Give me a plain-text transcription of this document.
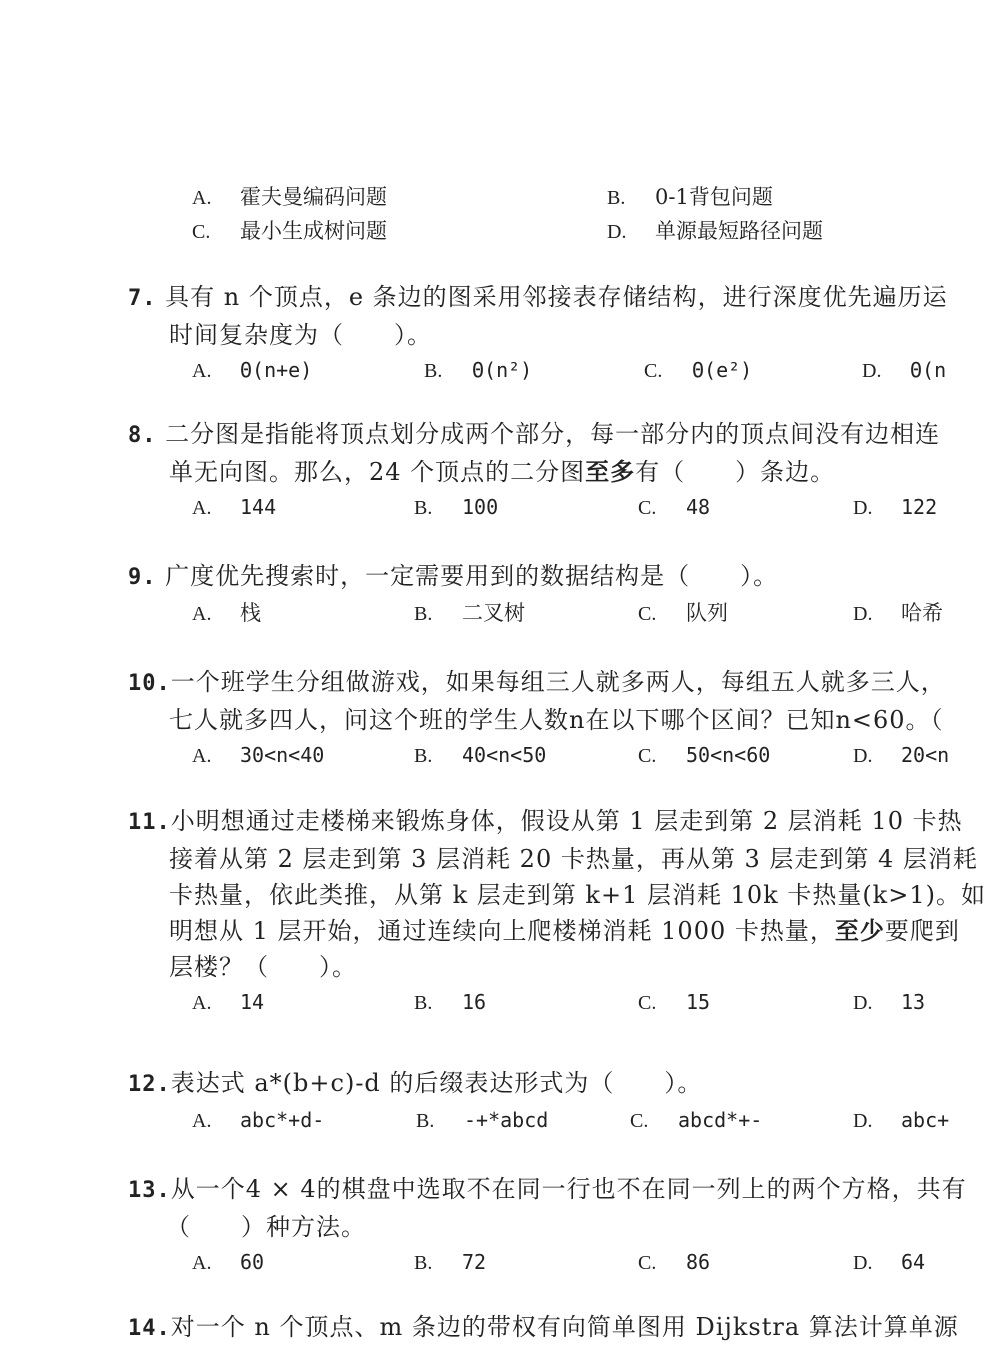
A. 霍夫曼编码问题	B. 0-1背包问题
C. 最小生成树问题	D. 单源最短路径问题
7. 具有 n 个顶点，e 条边的图采用邻接表存储结构，进行深度优先遍历运
时间复杂度为（　　）。
A. Θ(n+e)	B. Θ(n²)	C. Θ(e²)	D. Θ(n
8. 二分图是指能将顶点划分成两个部分，每一部分内的顶点间没有边相连
单无向图。那么，24 个顶点的二分图至多有（　　）条边。
A. 144	B. 100	C. 48	D. 122
9. 广度优先搜索时，一定需要用到的数据结构是（　　）。
A. 栈	B. 二叉树	C. 队列	D. 哈希
10.一个班学生分组做游戏，如果每组三人就多两人，每组五人就多三人，
七人就多四人，问这个班的学生人数n在以下哪个区间？已知n<60。（
A. 30<n<40	B. 40<n<50	C. 50<n<60	D. 20<n
11.小明想通过走楼梯来锻炼身体，假设从第 1 层走到第 2 层消耗 10 卡热
接着从第 2 层走到第 3 层消耗 20 卡热量，再从第 3 层走到第 4 层消耗
卡热量，依此类推，从第 k 层走到第 k+1 层消耗 10k 卡热量(k>1)。如
明想从 1 层开始，通过连续向上爬楼梯消耗 1000 卡热量，至少要爬到
层楼？（　　）。
A. 14	B. 16	C. 15	D. 13
12.表达式 a*(b+c)-d 的后缀表达形式为（　　）。
A. abc*+d-	B. -+*abcd	C. abcd*+-	D. abc+
13.从一个4 × 4的棋盘中选取不在同一行也不在同一列上的两个方格，共有
（　　）种方法。
A. 60	B. 72	C. 86	D. 64
14.对一个 n 个顶点、m 条边的带权有向简单图用 Dijkstra 算法计算单源
